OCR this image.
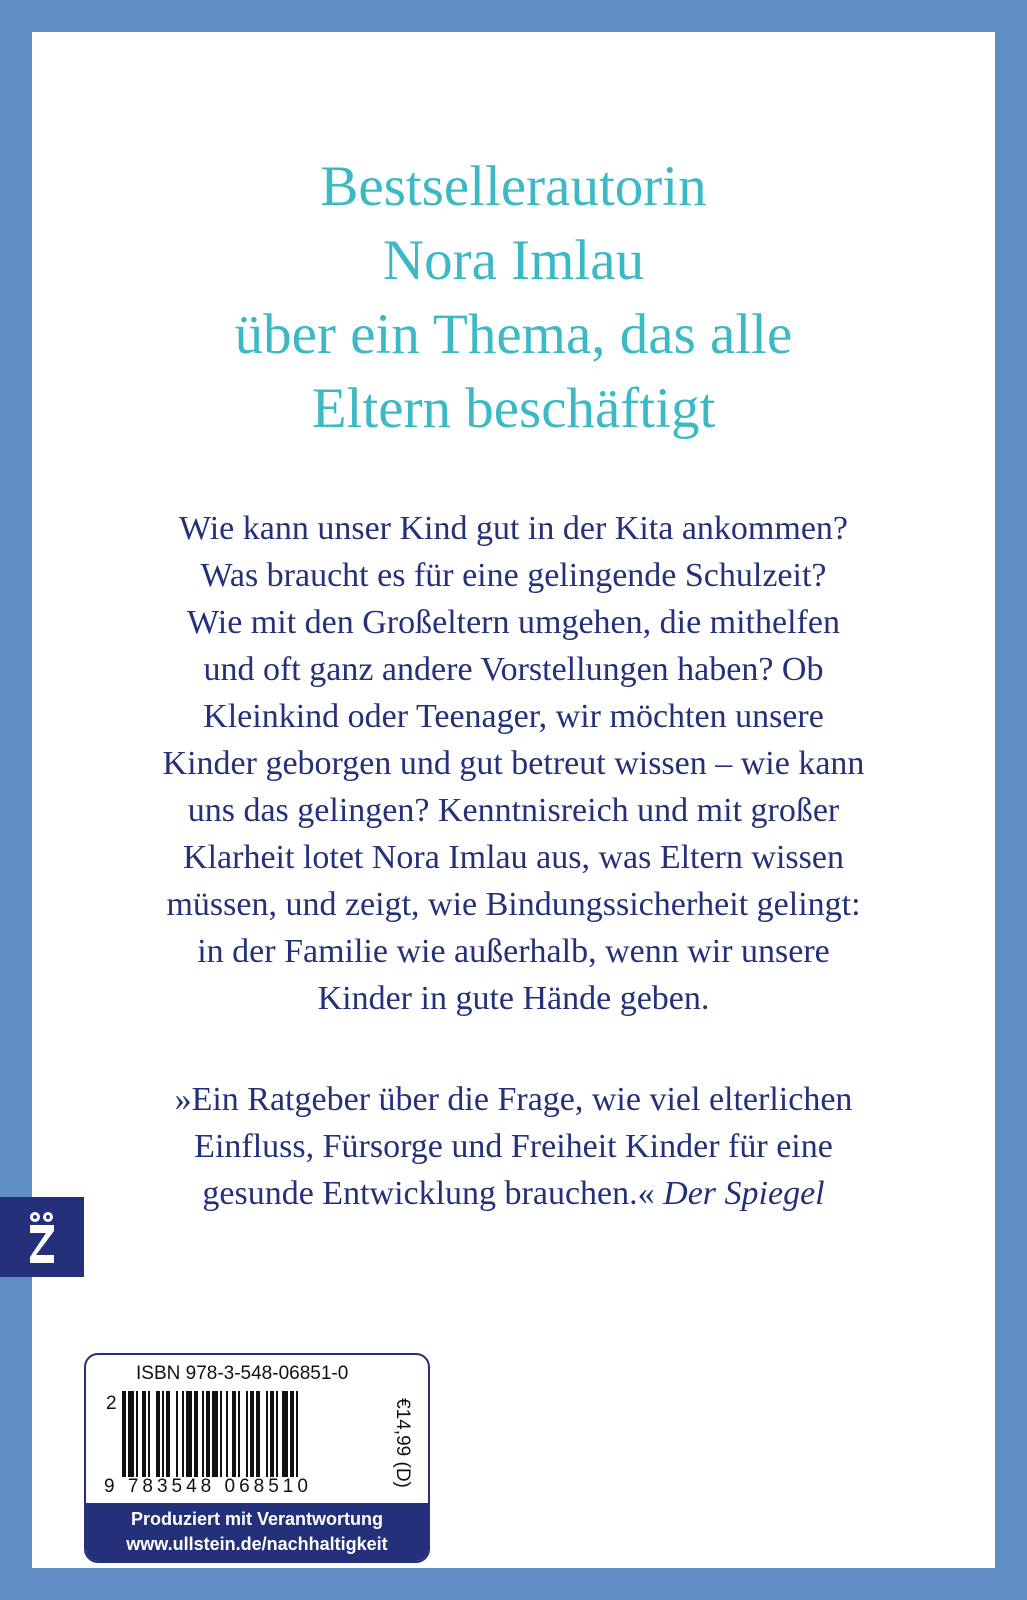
Bestsellerautorin
Nora Imlau
über ein Thema, das alle
Eltern beschäftigt
Wie kann unser Kind gut in der Kita ankommen?
Was braucht es für eine gelingende Schulzeit?
Wie mit den Großeltern umgehen, die mithelfen
und oft ganz andere Vorstellungen haben? Ob
Kleinkind oder Teenager, wir möchten unsere
Kinder geborgen und gut betreut wissen – wie kann
uns das gelingen? Kenntnisreich und mit großer
Klarheit lotet Nora Imlau aus, was Eltern wissen
müssen, und zeigt, wie Bindungssicherheit gelingt:
in der Familie wie außerhalb, wenn wir unsere
Kinder in gute Hände geben.
»Ein Ratgeber über die Frage, wie viel elterlichen
Einfluss, Fürsorge und Freiheit Kinder für eine
gesunde Entwicklung brauchen.« Der Spiegel
ISBN 978-3-548-06851-0
2
9 783548 068510	€14,99 (D)
Produziert mit Verantwortung
www.ullstein.de/nachhaltigkeit
